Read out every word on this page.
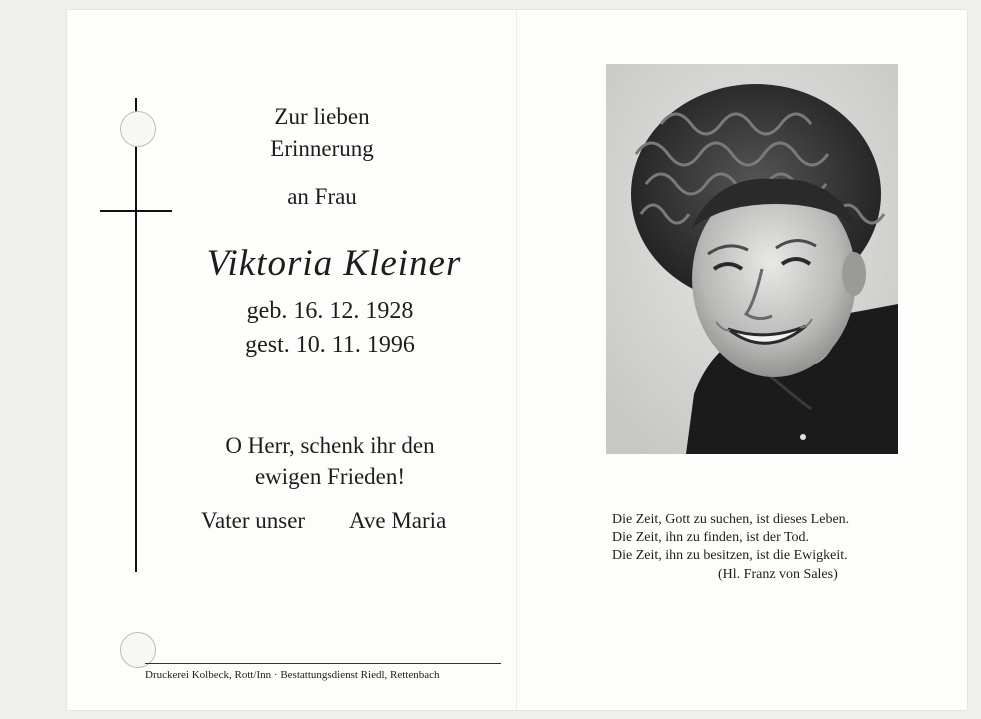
Zur lieben
Erinnerung
an Frau
Viktoria Kleiner
geb. 16. 12. 1928
gest. 10. 11. 1996
O Herr, schenk ihr den
ewigen Frieden!
Vater unser Ave Maria
Druckerei Kolbeck, Rott/Inn · Bestattungsdienst Riedl, Rettenbach
Die Zeit, Gott zu suchen, ist dieses Leben.
Die Zeit, ihn zu finden, ist der Tod.
Die Zeit, ihn zu besitzen, ist die Ewigkeit.
(Hl. Franz von Sales)
